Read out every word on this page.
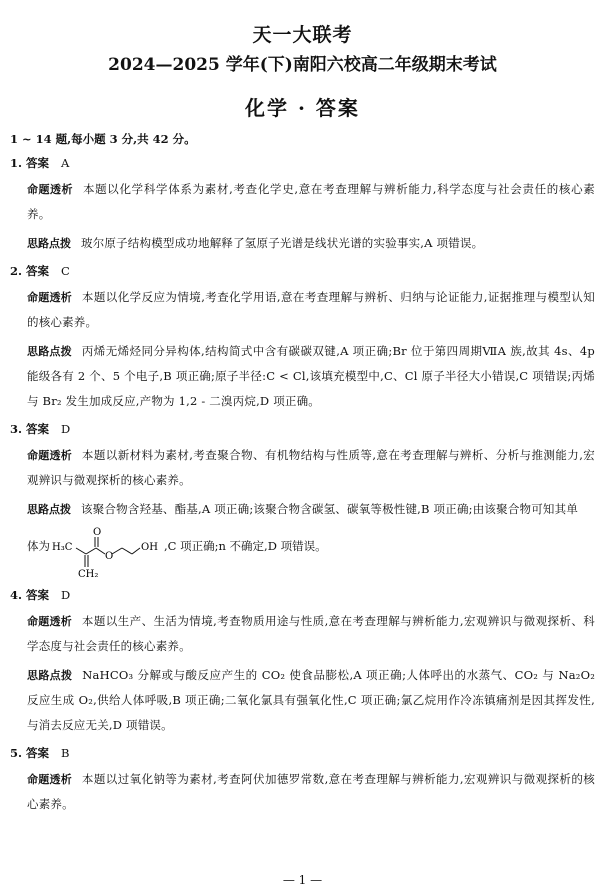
天一大联考
2024—2025 学年(下)南阳六校高二年级期末考试
化学 · 答案
1 ~ 14 题,每小题 3 分,共 42 分。
1. 答案 A
命题透析 本题以化学科学体系为素材,考查化学史,意在考查理解与辨析能力,科学态度与社会责任的核心素养。
思路点拨 玻尔原子结构模型成功地解释了氢原子光谱是线状光谱的实验事实,A 项错误。
2. 答案 C
命题透析 本题以化学反应为情境,考查化学用语,意在考查理解与辨析、归纳与论证能力,证据推理与模型认知的核心素养。
思路点拨 丙烯无烯烃同分异构体,结构简式中含有碳碳双键,A 项正确;Br 位于第四周期ⅦA 族,故其 4s、4p 能级各有 2 个、5 个电子,B 项正确;原子半径:C < Cl,该填充模型中,C、Cl 原子半径大小错误,C 项错误;丙烯与 Br₂ 发生加成反应,产物为 1,2 - 二溴丙烷,D 项正确。
3. 答案 D
命题透析 本题以新材料为素材,考查聚合物、有机物结构与性质等,意在考查理解与辨析、分析与推测能力,宏观辨识与微观探析的核心素养。
思路点拨 该聚合物含羟基、酯基,A 项正确;该聚合物含碳氢、碳氧等极性键,B 项正确;由该聚合物可知其单
体为
O
H₃C
O
OH
CH₂
,C 项正确;n 不确定,D 项错误。
4. 答案 D
命题透析 本题以生产、生活为情境,考查物质用途与性质,意在考查理解与辨析能力,宏观辨识与微观探析、科学态度与社会责任的核心素养。
思路点拨 NaHCO₃ 分解或与酸反应产生的 CO₂ 使食品膨松,A 项正确;人体呼出的水蒸气、CO₂ 与 Na₂O₂ 反应生成 O₂,供给人体呼吸,B 项正确;二氧化氯具有强氧化性,C 项正确;氯乙烷用作冷冻镇痛剂是因其挥发性,与消去反应无关,D 项错误。
5. 答案 B
命题透析 本题以过氧化钠等为素材,考查阿伏加德罗常数,意在考查理解与辨析能力,宏观辨识与微观探析的核心素养。
— 1 —
